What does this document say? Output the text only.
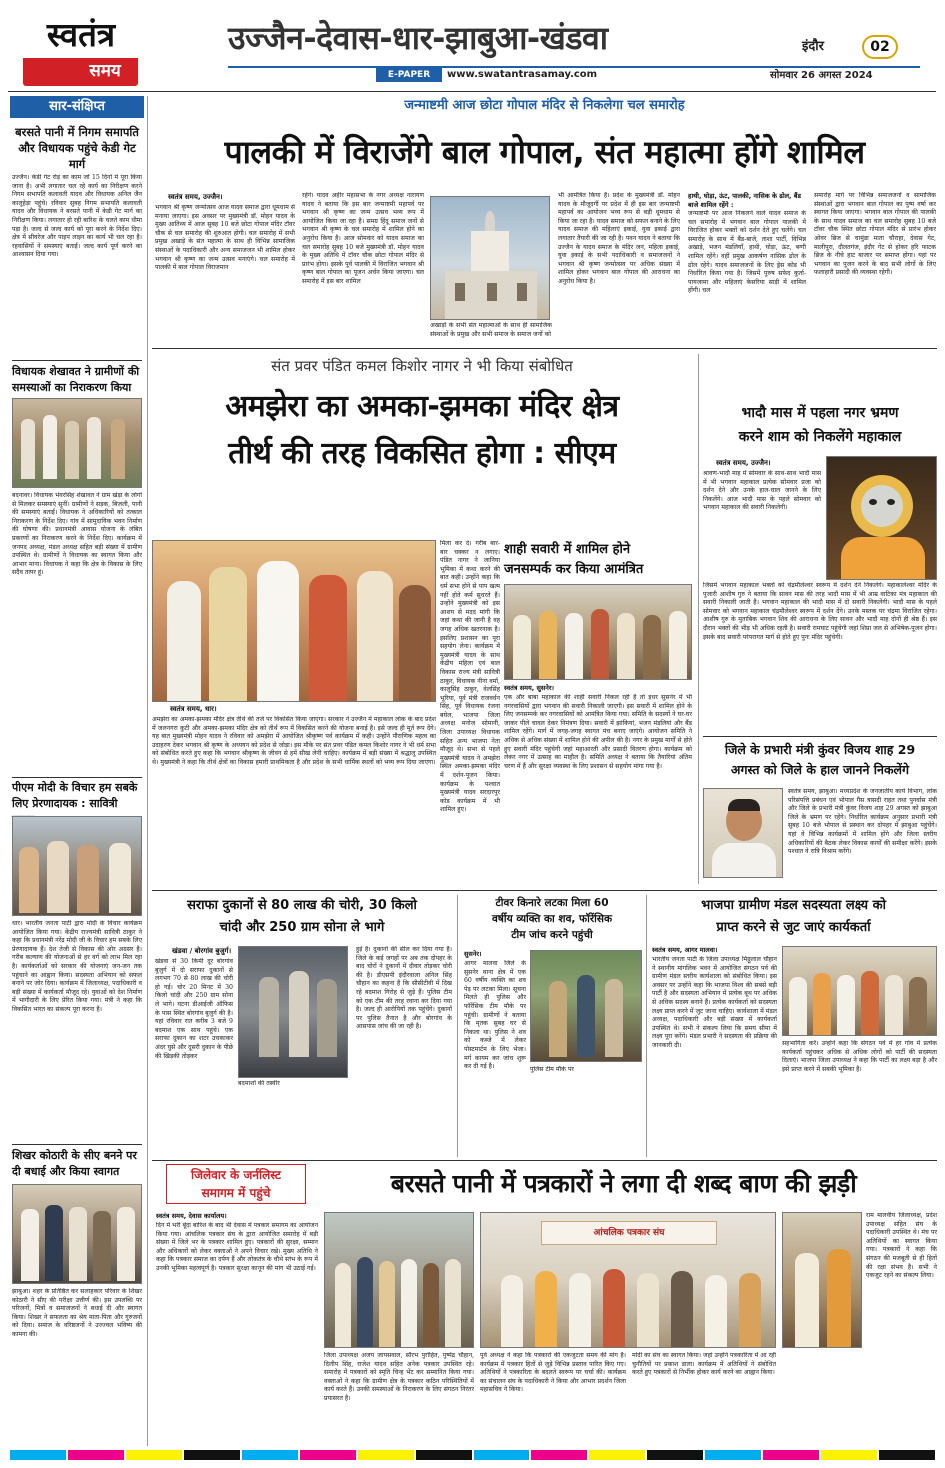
स्वतंत्र
समय
उज्जैन-देवास-धार-झाबुआ-खंडवा
E-PAPER	www.swatantrasamay.com
इंदौर	02
सोमवार 26 अगस्त 2024
सार-संक्षिप्त
बरसते पानी में निगम समापति और विधायक पहुंचे केडी गेट मार्ग
उज्जैन। केडी गेट रोड़ का काम जो 15 दिनों में पूरा किया जाना है। अभी लगातार चल रहे कार्य का निरीक्षण करने निगम सभापति कलावती यादव और विधायक अनिल जैन कालूहेड़ा पहुंचे। रविवार सुबह निगम सभापति कलावती यादव और विधायक ने बरसते पानी में केडी गेट मार्ग का निरीक्षण किया। लगातार हो रही बारिश के चलते काम धीमा पड़ा है। जल्द से जल्द कार्य को पूरा करने के निर्देश दिए। क्षेत्र में सीवरेज और पाइप लाइन का कार्य भी चल रहा है। रहवासियों ने समस्याएं बताईं। जल्द कार्य पूर्ण करने का आश्वासन दिया गया।
विधायक शेखावत ने ग्रामीणों की समस्याओं का निराकरण किया
बदनावर। विधायक भंवरसिंह शेखावत ने ग्राम खेड़ा के लोगों से मिलकर समस्याएं सुनीं। ग्रामीणों ने सड़क, बिजली, पानी की समस्याएं बताईं। विधायक ने अधिकारियों को तत्काल निराकरण के निर्देश दिए। गांव में सामुदायिक भवन निर्माण की घोषणा की। प्रधानमंत्री आवास योजना के लंबित प्रकरणों का निराकरण करने के निर्देश दिए। कार्यक्रम में जनपद अध्यक्ष, मंडल अध्यक्ष सहित बड़ी संख्या में ग्रामीण उपस्थित थे। ग्रामीणों ने विधायक का स्वागत किया और आभार माना। विधायक ने कहा कि क्षेत्र के विकास के लिए सदैव तत्पर हूं।
पीएम मोदी के विचार हम सबके लिए प्रेरणादायक : सावित्री
धार। भारतीय जनता पार्टी द्वारा मोदी के विचार कार्यक्रम आयोजित किया गया। केंद्रीय राज्यमंत्री सावित्री ठाकुर ने कहा कि प्रधानमंत्री नरेंद्र मोदी जी के विचार हम सबके लिए प्रेरणादायक हैं। देश तेजी से विकास की ओर अग्रसर है। गरीब कल्याण की योजनाओं से हर वर्ग को लाभ मिल रहा है। कार्यकर्ताओं को सरकार की योजनाएं जन-जन तक पहुंचाने का आह्वान किया। सदस्यता अभियान को सफल बनाने पर जोर दिया। कार्यक्रम में जिलाध्यक्ष, पदाधिकारी व बड़ी संख्या में कार्यकर्ता मौजूद रहे। युवाओं को देश निर्माण में भागीदारी के लिए प्रेरित किया गया। मंत्री ने कहा कि विकसित भारत का संकल्प पूरा करना है।
शिखर कोठारी के सीए बनने पर दी बधाई और किया स्वागत
झाबुआ। शहर के प्रतिष्ठित कर सलाहकार परिवार के शिखर कोठारी ने सीए की परीक्षा उत्तीर्ण की। इस उपलब्धि पर परिजनों, मित्रों व समाजजनों ने बधाई दी और स्वागत किया। शिखर ने सफलता का श्रेय माता-पिता और गुरुजनों को दिया। समाज के वरिष्ठजनों ने उज्ज्वल भविष्य की कामना की।
जन्माष्टमी आज छोटा गोपाल मंदिर से निकलेगा चल समारोह
पालकी में विराजेंगे बाल गोपाल, संत महात्मा होंगे शामिल
स्वतंत्र समय, उज्जैन।
भगवान श्री कृष्ण जन्मोत्सव आज यादव समाज द्वारा धूमधाम से मनाया जाएगा। इस अवसर पर मुख्यमंत्री डॉ. मोहन यादव के मुख्य आतिथ्य में आज सुबह 10 बजे छोटा गोपाल मंदिर टॉवर चौक से चल समारोह की शुरुआत होगी। चल समारोह में सभी प्रमुख अखाड़े के संत महात्मा के साथ ही विभिन्न सामाजिक संस्थाओं के पदाधिकारी और अन्य समाजजन भी शामिल होकर भगवान श्री कृष्ण का जन्म उत्सव मनाएंगे। चल समारोह में पालकी में बाल गोपाल विराजमान
रहेंगे। यादव अहीर महासभा के नगर अध्यक्ष नारायण यादव ने बताया कि इस बार जन्माष्टमी महापर्व पर भगवान श्री कृष्ण का जन्म उत्सव भव्य रूप में आयोजित किया जा रहा है। समग्र हिंदू समाज जनों से भगवान श्री कृष्ण के चल समारोह में शामिल होने का अनुरोध किया है। आज सोमवार को यादव समाज का चल समारोह सुबह 10 बजे मुख्यमंत्री डॉ. मोहन यादव के मुख्य अतिथि में टॉवर चौक छोटा गोपाल मंदिर से प्रारंभ होगा। इसके पूर्व पालकी में विराजित भगवान श्री कृष्ण बाल गोपाल का पूजन अर्चन किया जाएगा। चल समारोह में इस बार शामिल
अखाड़ों के सभी संत महात्माओं के साथ ही सामाजिक संस्थाओं के प्रमुख और सभी समाज के समाज जनों को
भी आमंत्रित किया है। प्रदेश के मुख्यमंत्री डॉ. मोहन यादव के मौजूदगीं पर प्रदेश में ही इस बार जन्माष्टमी महापर्व का आयोजन भव्य रूप से बड़ी धूमधाम से किया जा रहा है। यादव समाज को सफल बनाने के लिए यादव समाज की महिलाएं इकाई, युवा इकाई द्वारा लगातार तैयारी की जा रही है। पवन यादव ने बताया कि उज्जैन के यादव समाज के मंदिर जन, महिला इकाई, युवा इकाई के सभी पदाधिकारी व समाजजनों ने भगवान श्री कृष्ण जन्मोत्सव पर अधिक संख्या में शामिल होकर भगवान बाल गोपाल की आराधना का अनुरोध किया है।
हाथी, घोड़ा, ऊंट, पालकी, नासिक के ढोल, बैंड बाजे शामिल रहेंगे :
जन्माष्टमी पर आज निकलने वाले यादव समाज के चल समारोह में भगवान बाल गोपाल पालकी में विराजित होकर भक्तों को दर्शन देते हुए चलेंगे। चल समारोह के साथ में बैंड-बाजे, ताशा पार्टी, विभिन्न अखाड़े, भजन मंडलियाँ, हाथी, घोड़ा, ऊंट, बग्गी शामिल रहेंगे। वहीं प्रमुख आकर्षण नासिक ढोल के ढोल रहेंगे। यादव समाजजनों के लिए ड्रेस कोड भी निर्धारित किया गया है। जिसमें पुरुष सफेद कुर्ता-पायजामा और महिलाएं केसरिया साड़ी में शामिल होंगी। चल
समारोह मार्ग पर विभिन्न समाजजनों व सामाजिक संस्थाओं द्वारा भगवान बाल गोपाल का पुष्प वर्षा कर स्वागत किया जाएगा। भगवान बाल गोपाल की पालकी के साथ यादव समाज का चल समारोह सुबह 10 बजे टॉवर चौक स्थित छोटा गोपाल मंदिर से प्रारंभ होकर ओवर ब्रिज से चामुंडा माता चौराहा, देवास गेट, मालीपुरा, दौलतगंज, इंदौर गेट से होकर हरि फाटक ब्रिज के नीचे हाट बाजार पर समाप्त होगा। यहां पर भगवान का पूजन करने के बाद सभी लोगों के लिए फलाहारी प्रसादी की व्यवस्था रहेगी।
संत प्रवर पंडित कमल किशोर नागर ने भी किया संबोधित
अमझेरा का अमका-झमका मंदिर क्षेत्र
तीर्थ की तरह विकसित होगा : सीएम
स्वतंत्र समय, धार।
मिला कर दे। गरीब बार-बार चक्कर न लगाए। पंडित नागर ने जानिया भूमिका में कथा करने की बात कही। उन्होंने कहा कि धर्म सभा होने से पाप खत्म नहीं होते कर्म सुधरते हैं। उन्होंने मुख्यमंत्री को इस आशय से मदद मांगी कि जहां कथा की जानी है वह जगह अधिक खतरनाक है। इसलिए प्रशासन का पूरा सहयोग लेना। कार्यक्रम में मुख्यमंत्री यादव के साथ केंद्रीय महिला एवं बाल विकास राज्य मंत्री सावित्री ठाकुर, विधायक नीना वर्मा, कालूसिंह ठाकुर, वेलसिंह भूरिया, पूर्व मंत्री राजवर्धन सिंह, पूर्व विधायक रंजना बघेल, भाजपा जिला अध्यक्ष मनोज सोमानी, जिला उपाध्यक्ष विधायक सहित अन्य भाजपा नेता मौजूद थे। सभा से पहले मुख्यमंत्री यादव ने अमझेरा स्थित अमका-झमका मंदिर में दर्शन-पूजन किया। कार्यक्रम के पश्चात मुख्यमंत्री यादव सरदारपुर कोड कार्यक्रम में भी शामिल हुए।
अमझेरा का अमका-झमका मंदिर क्षेत्र तीर्थ की तर्ज पर विकसित किया जाएगा। सरकार ने उज्जैन में महाकाल लोक के बाद प्रदेश में जलनगरा कुटी और अमका-झमका मंदिर क्षेत्र को तीर्थ रूप में विकसित करने की योजना बनाई है। इसे जल्द ही मूर्त रूप देंगे। यह बात मुख्यमंत्री मोहन यादव ने रविवार को अमझेरा में आयोजित श्रीकृष्ण पर्व कार्यक्रम में कही। उन्होंने पौराणिक महत्व का उदाहरण देकर भगवान श्री कृष्ण के अध्ययन को प्रदेश से जोड़ा। इस मौके पर संत प्रवर पंडित कमल किशोर नागर ने भी धर्म सभा को संबोधित करते हुए कहा कि भगवान श्रीकृष्ण के जीवन से हमें सीख लेनी चाहिए। कार्यक्रम में बड़ी संख्या में श्रद्धालु उपस्थित थे। मुख्यमंत्री ने कहा कि तीर्थ क्षेत्रों का विकास हमारी प्राथमिकता है और प्रदेश के सभी धार्मिक स्थलों को भव्य रूप दिया जाएगा।
शाही सवारी में शामिल होने
जनसम्पर्क कर किया आमंत्रित
स्वतंत्र समय, सुसनेर।
एक और बाबा महाकाल की शाही सवारी निकल रही है तो इधर सुसनेर में भी नगरवासियों द्वारा भगवान की सवारी निकाली जाएगी। इस सवारी में शामिल होने के लिए जनसम्पर्क कर नगरवासियों को आमंत्रित किया गया। समिति के सदस्यों ने घर-घर जाकर पीले चावल देकर निमंत्रण दिया। सवारी में झांकियां, भजन मंडलियां और बैंड शामिल रहेंगे। मार्ग में जगह-जगह स्वागत मंच बनाए जाएंगे। आयोजन समिति ने अधिक से अधिक संख्या में शामिल होने की अपील की है। नगर के प्रमुख मार्गों से होते हुए सवारी मंदिर पहुंचेगी जहां महाआरती और प्रसादी वितरण होगा। कार्यक्रम को लेकर नगर में उत्साह का माहौल है। समिति अध्यक्ष ने बताया कि तैयारियां अंतिम चरण में हैं और सुरक्षा व्यवस्था के लिए प्रशासन से सहयोग मांगा गया है।
भादौ मास में पहला नगर भ्रमण
करने शाम को निकलेंगे महाकाल
स्वतंत्र समय, उज्जैन।
श्रावण-भादौ माह में सोमवार के साथ-साथ भादौ मास में भी भगवान महाकाल प्रत्येक सोमवार प्रजा को दर्शन देने और उनके हाल-चाल जानने के लिए निकलेंगे। आज भादौ मास के पहले सोमवार को भगवान महाकाल की सवारी निकलेगी।
जिसमें भगवान महाकाल भक्तों को चंद्रमौलेश्वर स्वरूप में दर्शन देने निकलेंगे। महाकालेश्वर मंदिर के पुजारी आशीष गुरु ने बताया कि सावन मास की तरह भादौ मास में भी आम्र वाटिका मंत्र महाकाल की सवारी निकाली जाती है। भगवान महाकाल की भादौ मास में दो सवारी निकलेंगी। भादौ मास के पहले सोमवार को भगवान महाकाल चंद्रमौलेश्वर स्वरूप में दर्शन देंगे। उनके मस्तक पर चंद्रमा विराजित रहेगा। आशीष गुरु के मुताबिक भगवान शिव की आराधना के लिए सावन और भादौ माह दोनों ही श्रेष्ठ हैं। इस दौरान भक्तों की भीड़ भी अधिक रहती है। सवारी रामघाट पहुंचेगी जहां शिप्रा जल से अभिषेक-पूजन होगा। इसके बाद सवारी परंपरागत मार्ग से होते हुए पुनः मंदिर पहुंचेगी।
जिले के प्रभारी मंत्री कुंवर विजय शाह 29
अगस्त को जिले के हाल जानने निकलेंगे
स्वतंत्र समय, झाबुआ। मध्यप्रदेश के जनजातीय कार्य विभाग, लोक परिसंपत्ति प्रबंधन एवं भोपाल गैस त्रासदी राहत तथा पुनर्वास मंत्री और जिले के प्रभारी मंत्री कुंवर विजय शाह 29 अगस्त को झाबुआ जिले के भ्रमण पर रहेंगे। निर्धारित कार्यक्रम अनुसार प्रभारी मंत्री सुबह 10 बजे भोपाल से प्रस्थान कर दोपहर में झाबुआ पहुंचेंगे। यहां वे विभिन्न कार्यक्रमों में शामिल होंगे और जिला स्तरीय अधिकारियों की बैठक लेकर विकास कार्यों की समीक्षा करेंगे। इसके पश्चात वे रात्रि विश्राम करेंगे।
सराफा दुकानों से 80 लाख की चोरी, 30 किलो
चांदी और 250 ग्राम सोना ले भागे
खंडवा / बोरगांव बुजुर्ग।
खंडवा से 30 किमी दूर बोरगांव बुजुर्ग में दो सराफा दुकानों से लगभग 70 से 80 लाख की चोरी हो गई। चोर 20 मिनट में 30 किलो चांदी और 250 ग्राम सोना ले भागे। घटना डीआईजी ऑफिस के पास स्थित बोरगांव बुजुर्ग की है। यहां रविवार रात करीब 3 बजे 9 बदमाश एक साथ पहुंचे। एक सराफा दुकान का शटर उचकाकर अंदर घुसे और दूसरी दुकान के पीछे की खिड़की तोड़कर
बदमाशों की तस्वीर
हुई है। दुकानों की सील कर दिया गया है। जिले के कई जगहों पर अब तक दोपहर के बाद चोरों ने दुकानों में दीवार तोड़कर चोरी की है। डीएसपी इंदौरवाला अनिल सिंह चौहान का कहना है कि सीसीटीवी में दिख रहे बदमाश गिरोह से जुड़े हैं। पुलिस टीम को एक टीम की तरह रवाना कर दिया गया है। जल्द ही आरोपियों तक पहुंचेंगे। दुकानों पर पुलिस तैनात है और बोरगांव के आसपास जांच की जा रही है।
टीवर किनारे लटका मिला 60
वर्षीय व्यक्ति का शव, फॉरेंसिक
टीम जांच करने पहुंची
सुसनेर।
आगर मालवा जिले के सुसनेर थाना क्षेत्र में एक 60 वर्षीय व्यक्ति का शव पेड़ पर लटका मिला। सूचना मिलते ही पुलिस और फॉरेंसिक टीम मौके पर पहुंची। ग्रामीणों ने बताया कि मृतक सुबह घर से निकला था। पुलिस ने शव को कब्जे में लेकर पोस्टमार्टम के लिए भेजा। मर्ग कायम कर जांच शुरू कर दी गई है।	पुलिस टीम मौके पर
भाजपा ग्रामीण मंडल सदस्यता लक्ष्य को
प्राप्त करने से जुट जाएं कार्यकर्ता
स्वतंत्र समय, आगर मालवा।
भारतीय जनता पार्टी के जिला उपाध्यक्ष मिठ्ठूलाल चौहान ने स्थानीय मांगलिक भवन में आयोजित संगठन पर्व की ग्रामीण मंडल स्तरीय कार्यशाला को संबोधित किया। इस अवसर पर उन्होंने कहा कि भाजपा विश्व की सबसे बड़ी पार्टी है और सदस्यता अभियान में प्रत्येक बूथ पर अधिक से अधिक सदस्य बनाने हैं। प्रत्येक कार्यकर्ता को सदस्यता लक्ष्य प्राप्त करने में जुट जाना चाहिए। कार्यशाला में मंडल अध्यक्ष, पदाधिकारी और बड़ी संख्या में कार्यकर्ता उपस्थित थे। सभी ने संकल्प लिया कि समय सीमा में लक्ष्य पूरा करेंगे। मंडल प्रभारी ने सदस्यता की प्रक्रिया की जानकारी दी।	सहभागिता करें। उन्होंने कहा कि संगठन पर्व में हर गांव में प्रत्येक कार्यकर्ता पहुंचकर अधिक से अधिक लोगों को पार्टी की सदस्यता दिलाएं। भाजपा जिला उपाध्यक्ष ने कहा कि पार्टी का लक्ष्य बड़ा है और इसे प्राप्त करने में सबकी भूमिका है।
जिलेवार के जर्नलिस्ट
समागम में पहुंचे	बरसते पानी में पत्रकारों ने लगा दी शब्द बाण की झड़ी
स्वतंत्र समय, देवास कार्यालय।
दिन में भरी बूंदा बारिश के बाद भी देवास में पत्रकार समागम का आयोजन किया गया। आंचलिक पत्रकार संघ के द्वारा आयोजित समारोह में बड़ी संख्या में जिले भर के पत्रकार शामिल हुए। पत्रकारों की सुरक्षा, सम्मान और अधिकारों को लेकर वक्ताओं ने अपने विचार रखे। मुख्य अतिथि ने कहा कि पत्रकार समाज का दर्पण हैं और लोकतंत्र के चौथे स्तंभ के रूप में उनकी भूमिका महत्वपूर्ण है। पत्रकार सुरक्षा कानून की मांग भी उठाई गई।
आंचलिक पत्रकार संघ
राम मालवीय जिलाध्यक्ष, प्रदेश उपाध्यक्ष सहित संघ के पदाधिकारी उपस्थित थे। मंच पर अतिथियों का स्वागत किया गया। पत्रकारों ने कहा कि संगठन की मजबूती से ही हितों की रक्षा संभव है। सभी ने एकजुट रहने का संकल्प लिया।
जिला उपाध्यक्ष अजय जायसवाल, सौरभ पुरोहित, पुष्पेंद्र चौहान, दिलीप सिंह, राजेश यादव सहित अनेक पत्रकार उपस्थित रहे। समारोह में पत्रकारों को स्मृति चिन्ह भेंट कर सम्मानित किया गया। वक्ताओं ने कहा कि ग्रामीण क्षेत्र के पत्रकार कठिन परिस्थितियों में कार्य करते हैं। उनकी समस्याओं के निराकरण के लिए संगठन निरंतर प्रयासरत है।
पूर्व अध्यक्ष ने कहा कि पत्रकारों की एकजुटता समय की मांग है। कार्यक्रम में पत्रकार हितों से जुड़े विभिन्न प्रस्ताव पारित किए गए। अतिथियों ने पत्रकारिता के बदलते स्वरूप पर चर्चा की। कार्यक्रम का संचालन संघ के पदाधिकारी ने किया और आभार प्रदर्शन जिला महासचिव ने किया।
मोदी का संघ का स्वागत किया। जहां उन्होंने पत्रकारिता में आ रही चुनौतियों पर प्रकाश डाला। कार्यक्रम में अतिथियों ने संबोधित करते हुए पत्रकारों से निर्भीक होकर कार्य करने का आह्वान किया।
